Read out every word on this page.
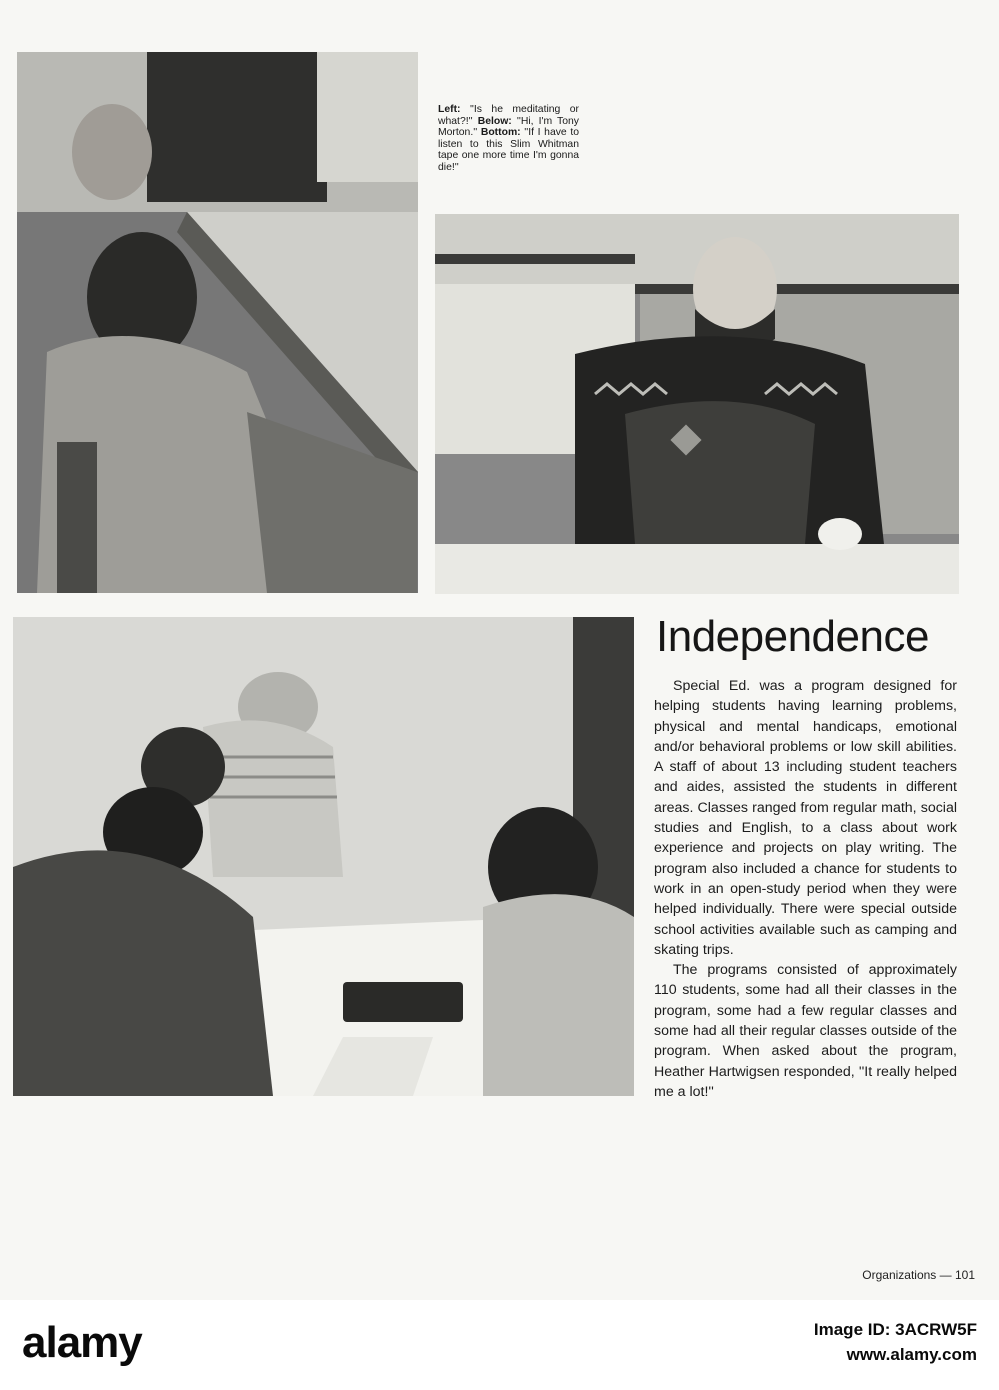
Left: ''Is he meditating or what?!'' Below: ''Hi, I'm Tony Morton.'' Bottom: ''If I have to listen to this Slim Whitman tape one more time I'm gonna die!''
Independence

Special Ed. was a program designed for helping students having learning problems, physical and mental handicaps, emotional and/or behavioral problems or low skill abilities. A staff of about 13 including student teachers and aides, assisted the students in different areas. Classes ranged from regular math, social studies and English, to a class about work experience and projects on play writing. The program also included a chance for students to work in an open-study period when they were helped individually. There were special outside school activities available such as camping and skating trips.

The programs consisted of approximately 110 students, some had all their classes in the program, some had a few regular classes and some had all their regular classes outside of the program. When asked about the program, Heather Hartwigsen responded, ''It really helped me a lot!''

Organizations — 101
alamy	Image ID: 3ACRW5F
www.alamy.com
